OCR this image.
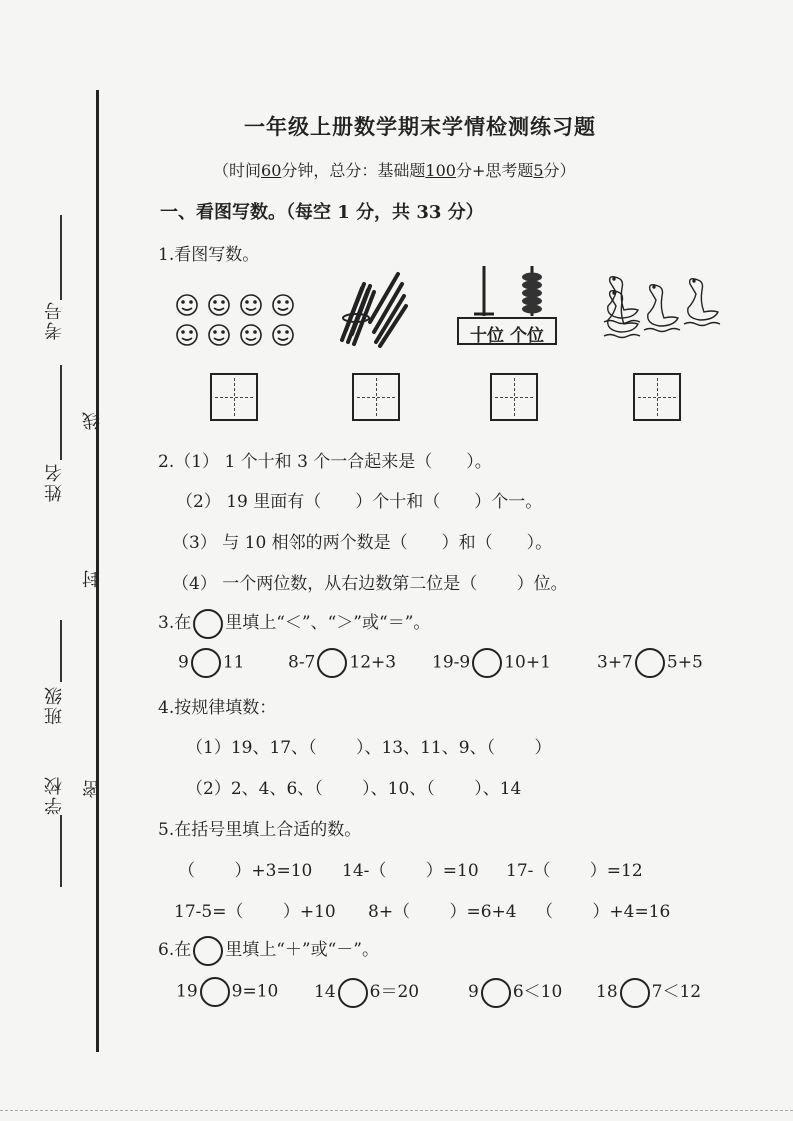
考号
姓名
班级
学校
线
封
密
一年级上册数学期末学情检测练习题
（时间60分钟，总分：基础题100分+思考题5分）
一、看图写数。（每空 1 分，共 33 分）
1.看图写数。
十位 个位
2.（1） 1 个十和 3 个一合起来是（　　）。
（2） 19 里面有（　　）个十和（　　）个一。
（3） 与 10 相邻的两个数是（　　）和（　　）。
（4） 一个两位数，从右边数第二位是（　　 ）位。
3.在 里填上“＜”、“＞”或“＝”。
9 11	8-7 12+3 19-9 10+1	3+7 5+5
4.按规律填数：
（1）19、17、（　　 ）、13、11、9、（　　 ）
（2）2、4、6、（　　 ）、10、（　　 ）、14
5.在括号里填上合适的数。
（　　 ）+3=10 14-（　　 ）=10 17-（　　 ）=12
17-5=（　　 ）+10 8+（　　 ）=6+4 （　　 ）+4=16
6.在 里填上“＋”或“－”。
19 9=10 14 6＝20	9 6＜10 18 7＜12
